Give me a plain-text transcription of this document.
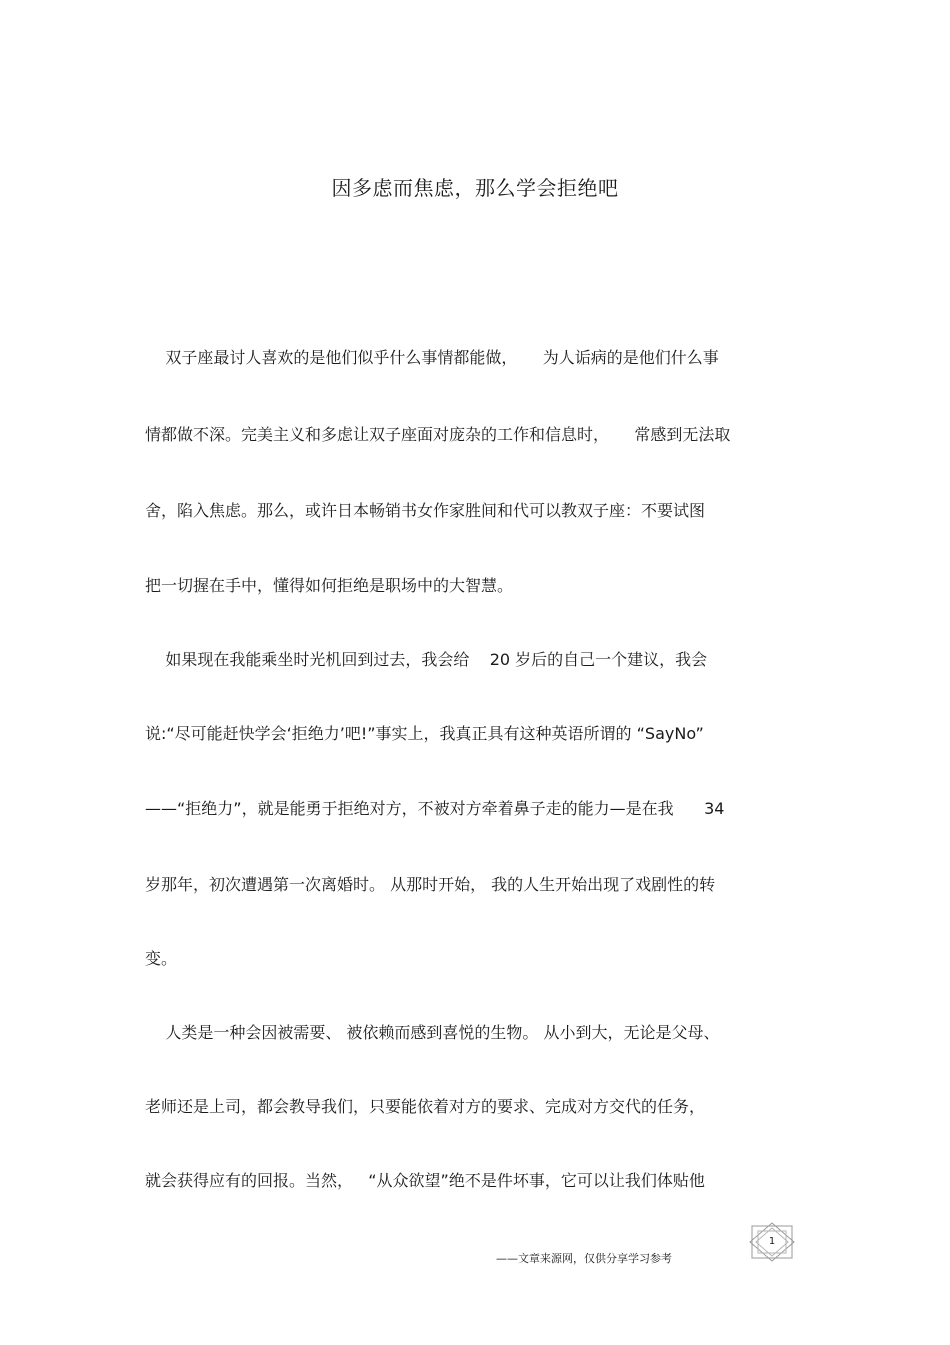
因多虑而焦虑，那么学会拒绝吧
双子座最讨人喜欢的是他们似乎什么事情都能做，     为人诟病的是他们什么事
情都做不深。完美主义和多虑让双子座面对庞杂的工作和信息时，     常感到无法取
舍，陷入焦虑。那么，或许日本畅销书女作家胜间和代可以教双子座：不要试图
把一切握在手中，懂得如何拒绝是职场中的大智慧。
如果现在我能乘坐时光机回到过去，我会给    20 岁后的自己一个建议，我会
说:“尽可能赶快学会‘拒绝力’吧!”事实上，我真正具有这种英语所谓的 “SayNo”
——“拒绝力”，就是能勇于拒绝对方，不被对方牵着鼻子走的能力—是在我      34
岁那年，初次遭遇第一次离婚时。 从那时开始， 我的人生开始出现了戏剧性的转
变。
人类是一种会因被需要、 被依赖而感到喜悦的生物。 从小到大，无论是父母、
老师还是上司，都会教导我们，只要能依着对方的要求、完成对方交代的任务，
就会获得应有的回报。当然，   “从众欲望”绝不是件坏事，它可以让我们体贴他
——文章来源网，仅供分享学习参考
1
